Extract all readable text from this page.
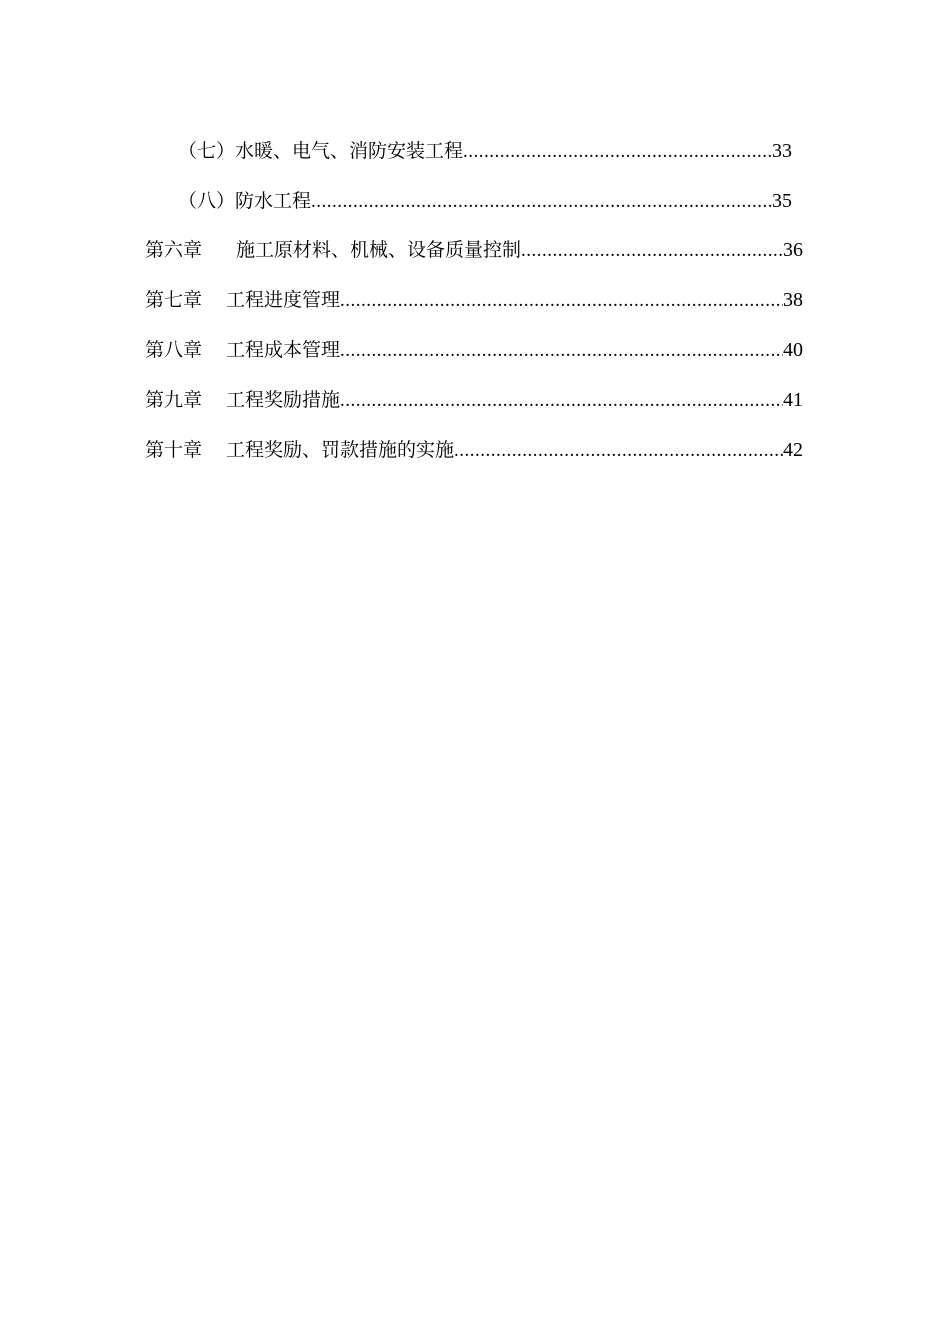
（七）水暖、电气、消防安装工程 .....	33
（八）防水工程 .....	35
第六章 施工原材料、机械、设备质量控制 .....	36
第七章 工程进度管理 .....	38
第八章 工程成本管理 .....	40
第九章 工程奖励措施 .....	41
第十章 工程奖励、罚款措施的实施 .....	42
